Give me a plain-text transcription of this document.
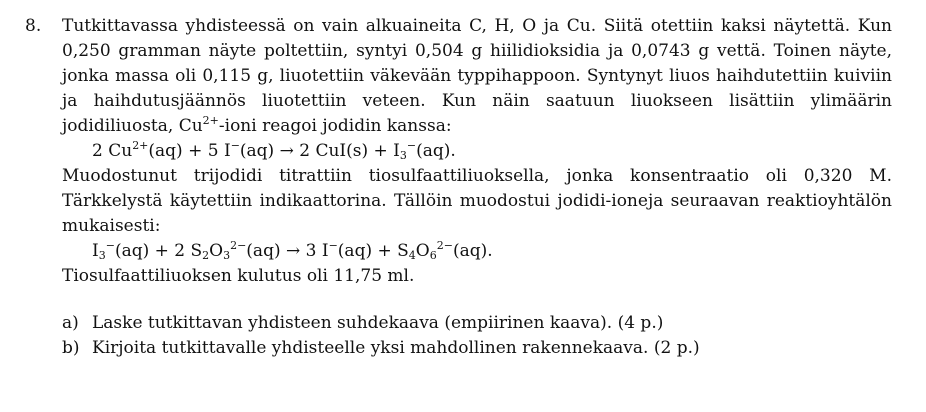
8. Tutkittavassa yhdisteessä on vain alkuaineita C, H, O ja Cu. Siitä otettiin kaksi näytettä. Kun 0,250 gramman näyte poltettiin, syntyi 0,504 g hiilidioksidia ja 0,0743 g vettä. Toinen näyte, jonka massa oli 0,115 g, liuotettiin väkevään typpihappoon. Syntynyt liuos haihdutettiin kuiviin ja haihdutusjäännös liuotettiin veteen. Kun näin saatuun liuokseen lisättiin ylimäärin jodidiliuosta, $Cu^{2+}$-ioni reagoi jodidin kanssa:

2 $Cu^{2+}(aq) + 5$ I−(aq) → 2 $CuI(s) + I_3^-(aq)$.

Muodostunut trijodidi titrattiin tiosulfaattiliuoksella, jonka konsentraatio oli 0,320 M. Tärkkelystä käytettiin indikaattorina. Tällöin muodostui jodidi-ioneja seuraavan reaktioyhtälön mukaisesti:

$I_3^-(aq) + 2$ $S_2O_3^{2-}(aq) \to 3$ $I^-(aq) + S_4O_6^{2-}(aq)$.

Tiosulfaattiliuoksen kulutus oli 11,75 ml.

a) Laske tutkittavan yhdisteen suhdekaava (empiirinen kaava). (4 p.)

b) Kirjoita tutkittavalle yhdisteelle yksi mahdollinen rakennekaava. (2 p.)
